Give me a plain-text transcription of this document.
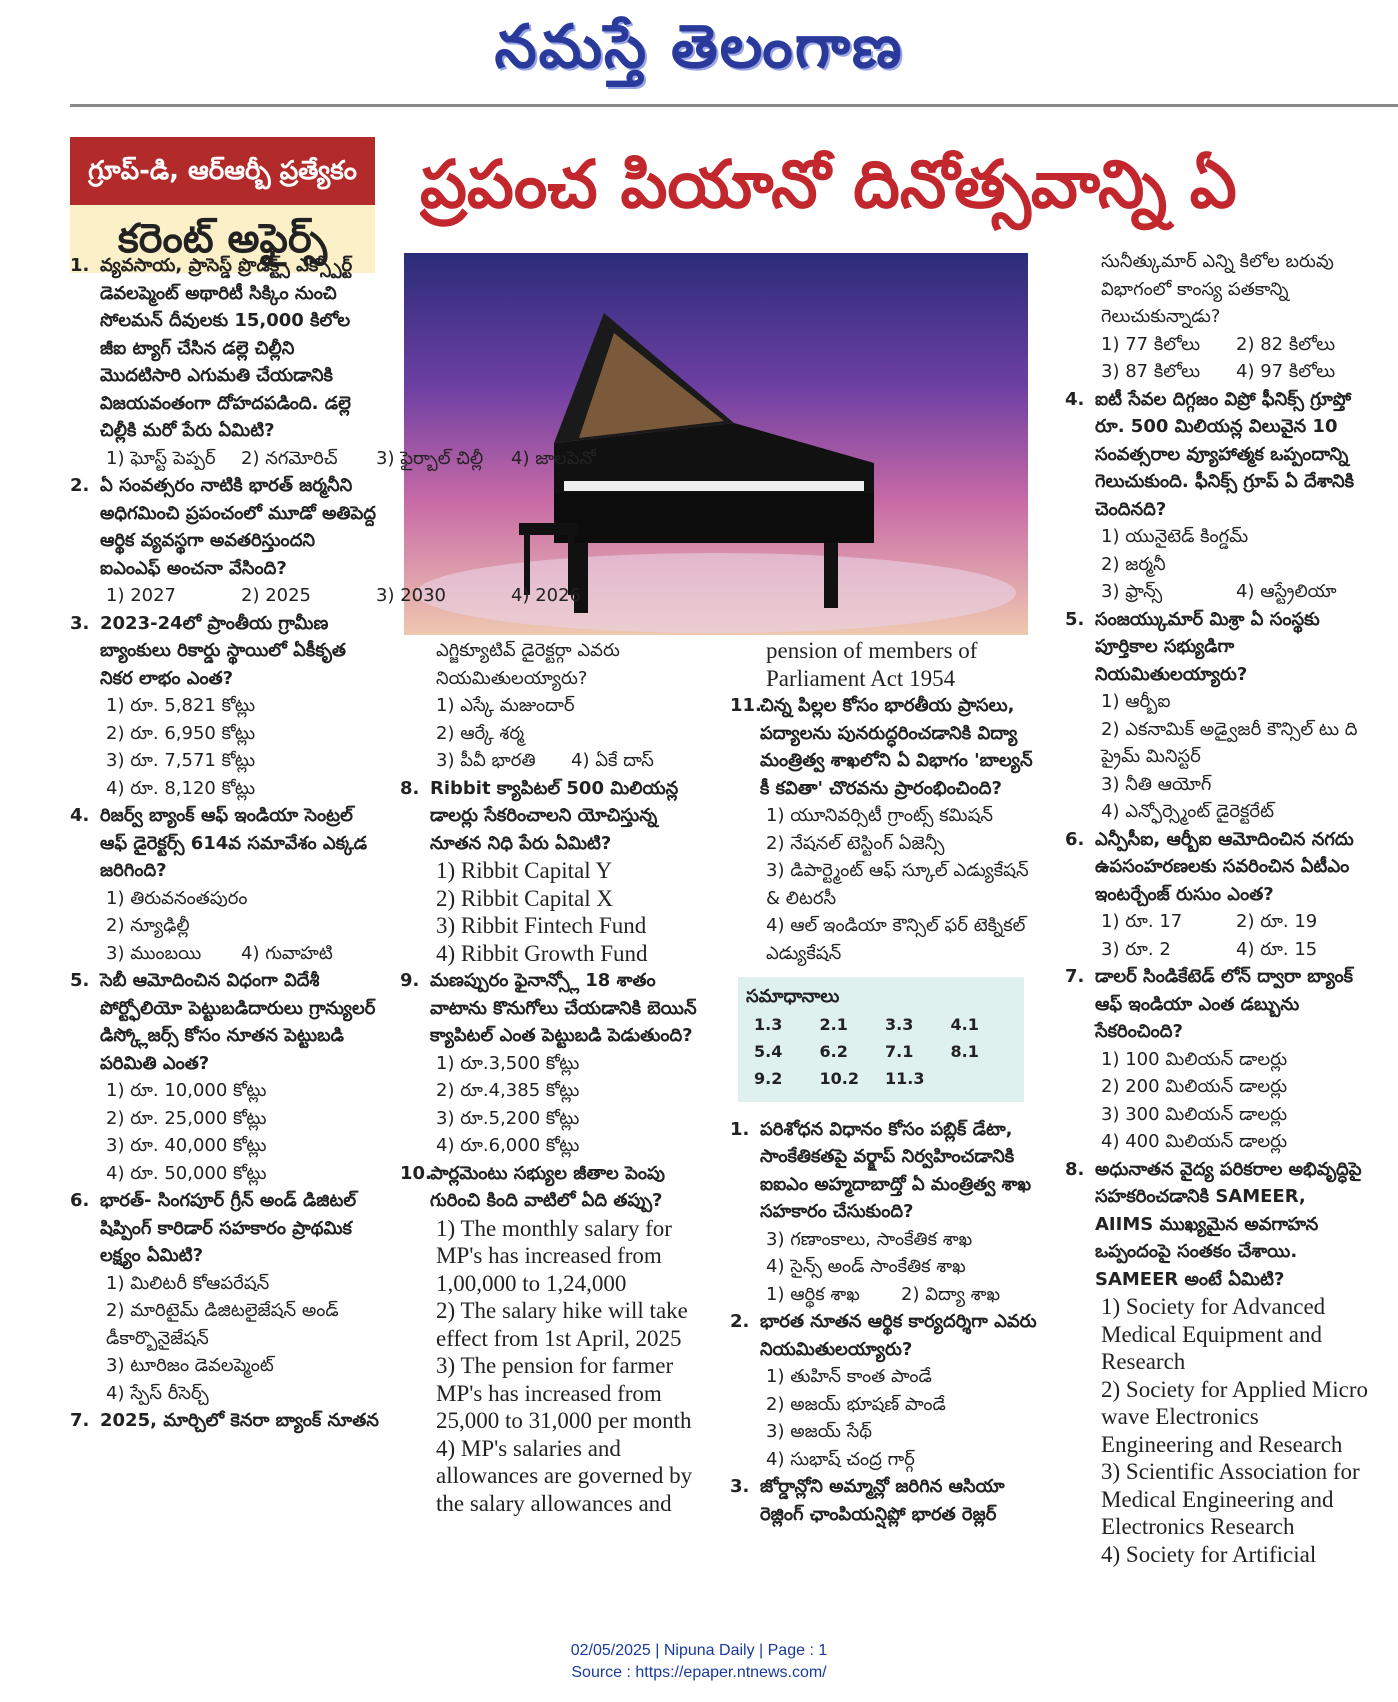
నమస్తే తెలంగాణ
గ్రూప్-డి, ఆర్ఆర్బీ ప్రత్యేకం
కరెంట్ అఫైర్స్
ప్రపంచ పియానో దినోత్సవాన్ని ఏ
1. వ్యవసాయ, ప్రాసెస్డ్ ప్రొడక్ట్స్ ఎక్స్పోర్ట్ డెవలప్మెంట్ అథారిటీ సిక్కిం నుంచి సోలమన్ దీవులకు 15,000 కిలోల జీఐ ట్యాగ్ చేసిన డల్లె చిల్లీని మొదటిసారి ఎగుమతి చేయడానికి విజయవంతంగా దోహదపడింది. డల్లె చిల్లీకి మరో పేరు ఏమిటి?
1) ఘోస్ట్ పెప్పర్	2) నగమోరిచ్	3) ఫైర్బాల్ చిల్లీ	4) జాలపెనో
2. ఏ సంవత్సరం నాటికి భారత్ జర్మనీని అధిగమించి ప్రపంచంలో మూడో అతిపెద్ద ఆర్థిక వ్యవస్థగా అవతరిస్తుందని ఐఎంఎఫ్ అంచనా వేసింది?
1) 2027	2) 2025	3) 2030	4) 2026
3. 2023-24లో ప్రాంతీయ గ్రామీణ బ్యాంకులు రికార్డు స్థాయిలో ఏకీకృత నికర లాభం ఎంత?
1) రూ. 5,821 కోట్లు
2) రూ. 6,950 కోట్లు
3) రూ. 7,571 కోట్లు
4) రూ. 8,120 కోట్లు
4. రిజర్వ్ బ్యాంక్ ఆఫ్ ఇండియా సెంట్రల్ ఆఫ్ డైరెక్టర్స్ 614వ సమావేశం ఎక్కడ జరిగింది?
1) తిరువనంతపురం
2) న్యూఢిల్లీ
3) ముంబయి	4) గువాహటి
5. సెబీ ఆమోదించిన విధంగా విదేశీ పోర్ట్ఫోలియో పెట్టుబడిదారులు గ్రాన్యులర్ డిస్క్లోజర్స్ కోసం నూతన పెట్టుబడి పరిమితి ఎంత?
1) రూ. 10,000 కోట్లు
2) రూ. 25,000 కోట్లు
3) రూ. 40,000 కోట్లు
4) రూ. 50,000 కోట్లు
6. భారత్- సింగపూర్ గ్రీన్ అండ్ డిజిటల్ షిప్పింగ్ కారిడార్ సహకారం ప్రాథమిక లక్ష్యం ఏమిటి?
1) మిలిటరీ కోఆపరేషన్
2) మారిటైమ్ డిజిటలైజేషన్ అండ్ డీకార్బొనైజేషన్
3) టూరిజం డెవలప్మెంట్
4) స్పేస్ రీసెర్చ్
7. 2025, మార్చిలో కెనరా బ్యాంక్ నూతన
ఎగ్జిక్యూటివ్ డైరెక్టర్గా ఎవరు నియమితులయ్యారు?
1) ఎస్కే మజుందార్
2) ఆర్కే శర్మ
3) పీవీ భారతి	4) ఏకే దాస్
8. Ribbit క్యాపిటల్ 500 మిలియన్ల డాలర్లు సేకరించాలని యోచిస్తున్న నూతన నిధి పేరు ఏమిటి?
1) Ribbit Capital Y
2) Ribbit Capital X
3) Ribbit Fintech Fund
4) Ribbit Growth Fund
9. మణప్పురం ఫైనాన్స్లో 18 శాతం వాటాను కొనుగోలు చేయడానికి బెయిన్ క్యాపిటల్ ఎంత పెట్టుబడి పెడుతుంది?
1) రూ.3,500 కోట్లు
2) రూ.4,385 కోట్లు
3) రూ.5,200 కోట్లు
4) రూ.6,000 కోట్లు
10.
పార్లమెంటు సభ్యుల జీతాల పెంపు గురించి కింది వాటిలో ఏది తప్పు?
1) The monthly salary for MP's has increased from 1,00,000 to 1,24,000
2) The salary hike will take effect from 1st April, 2025
3) The pension for farmer MP's has increased from 25,000 to 31,000 per month
4) MP's salaries and allowances are governed by the salary allowances and
pension of members of Parliament Act 1954
11.
చిన్న పిల్లల కోసం భారతీయ ప్రాసలు, పద్యాలను పునరుద్ధరించడానికి విద్యా మంత్రిత్వ శాఖలోని ఏ విభాగం 'బాల్యన్ కీ కవితా' చొరవను ప్రారంభించింది?
1) యూనివర్సిటీ గ్రాంట్స్ కమిషన్
2) నేషనల్ టెస్టింగ్ ఏజెన్సీ
3) డిపార్ట్మెంట్ ఆఫ్ స్కూల్ ఎడ్యుకేషన్ & లిటరసీ
4) ఆల్ ఇండియా కౌన్సిల్ ఫర్ టెక్నికల్ ఎడ్యుకేషన్
సమాధానాలు
1.3	2.1	3.3	4.1
5.4	6.2	7.1	8.1
9.2	10.2	11.3
1. పరిశోధన విధానం కోసం పబ్లిక్ డేటా, సాంకేతికతపై వర్క్షాప్ నిర్వహించడానికి ఐఐఎం అహ్మదాబాద్తో ఏ మంత్రిత్వ శాఖ సహకారం చేసుకుంది?
3) గణాంకాలు, సాంకేతిక శాఖ
4) సైన్స్ అండ్ సాంకేతిక శాఖ
1) ఆర్థిక శాఖ	2) విద్యా శాఖ
2. భారత నూతన ఆర్థిక కార్యదర్శిగా ఎవరు నియమితులయ్యారు?
1) తుహిన్ కాంత పాండే
2) అజయ్ భూషణ్ పాండే
3) అజయ్ సేథ్
4) సుభాష్ చంద్ర గార్గ్
3. జోర్డాన్లోని అమ్మాన్లో జరిగిన ఆసియా రెజ్లింగ్ ఛాంపియన్షిప్లో భారత రెజ్లర్
సునీత్కుమార్ ఎన్ని కిలోల బరువు విభాగంలో కాంస్య పతకాన్ని గెలుచుకున్నాడు?
1) 77 కిలోలు	2) 82 కిలోలు
3) 87 కిలోలు	4) 97 కిలోలు
4. ఐటీ సేవల దిగ్గజం విప్రో ఫీనిక్స్ గ్రూప్తో రూ. 500 మిలియన్ల విలువైన 10 సంవత్సరాల వ్యూహాత్మక ఒప్పందాన్ని గెలుచుకుంది. ఫీనిక్స్ గ్రూప్ ఏ దేశానికి చెందినది?
1) యునైటెడ్ కింగ్డమ్
2) జర్మనీ
3) ఫ్రాన్స్	4) ఆస్ట్రేలియా
5. సంజయ్కుమార్ మిశ్రా ఏ సంస్థకు పూర్తికాల సభ్యుడిగా నియమితులయ్యారు?
1) ఆర్బీఐ
2) ఎకనామిక్ అడ్వైజరీ కౌన్సిల్ టు ది ప్రైమ్ మినిస్టర్
3) నీతి ఆయోగ్
4) ఎన్ఫోర్స్మెంట్ డైరెక్టరేట్
6. ఎన్పీసీఐ, ఆర్బీఐ ఆమోదించిన నగదు ఉపసంహరణలకు సవరించిన ఏటీఎం ఇంటర్చేంజ్ రుసుం ఎంత?
1) రూ. 17	2) రూ. 19
3) రూ. 2	4) రూ. 15
7. డాలర్ సిండికేటెడ్ లోన్ ద్వారా బ్యాంక్ ఆఫ్ ఇండియా ఎంత డబ్బును సేకరించింది?
1) 100 మిలియన్ డాలర్లు
2) 200 మిలియన్ డాలర్లు
3) 300 మిలియన్ డాలర్లు
4) 400 మిలియన్ డాలర్లు
8. అధునాతన వైద్య పరికరాల అభివృద్ధిపై సహకరించడానికి SAMEER, AIIMS ముఖ్యమైన అవగాహన ఒప్పందంపై సంతకం చేశాయి. SAMEER అంటే ఏమిటి?
1) Society for Advanced Medical Equipment and Research
2) Society for Applied Micro wave Electronics Engineering and Research
3) Scientific Association for Medical Engineering and Electronics Research
4) Society for Artificial
02/05/2025 | Nipuna Daily | Page : 1
Source : https://epaper.ntnews.com/
